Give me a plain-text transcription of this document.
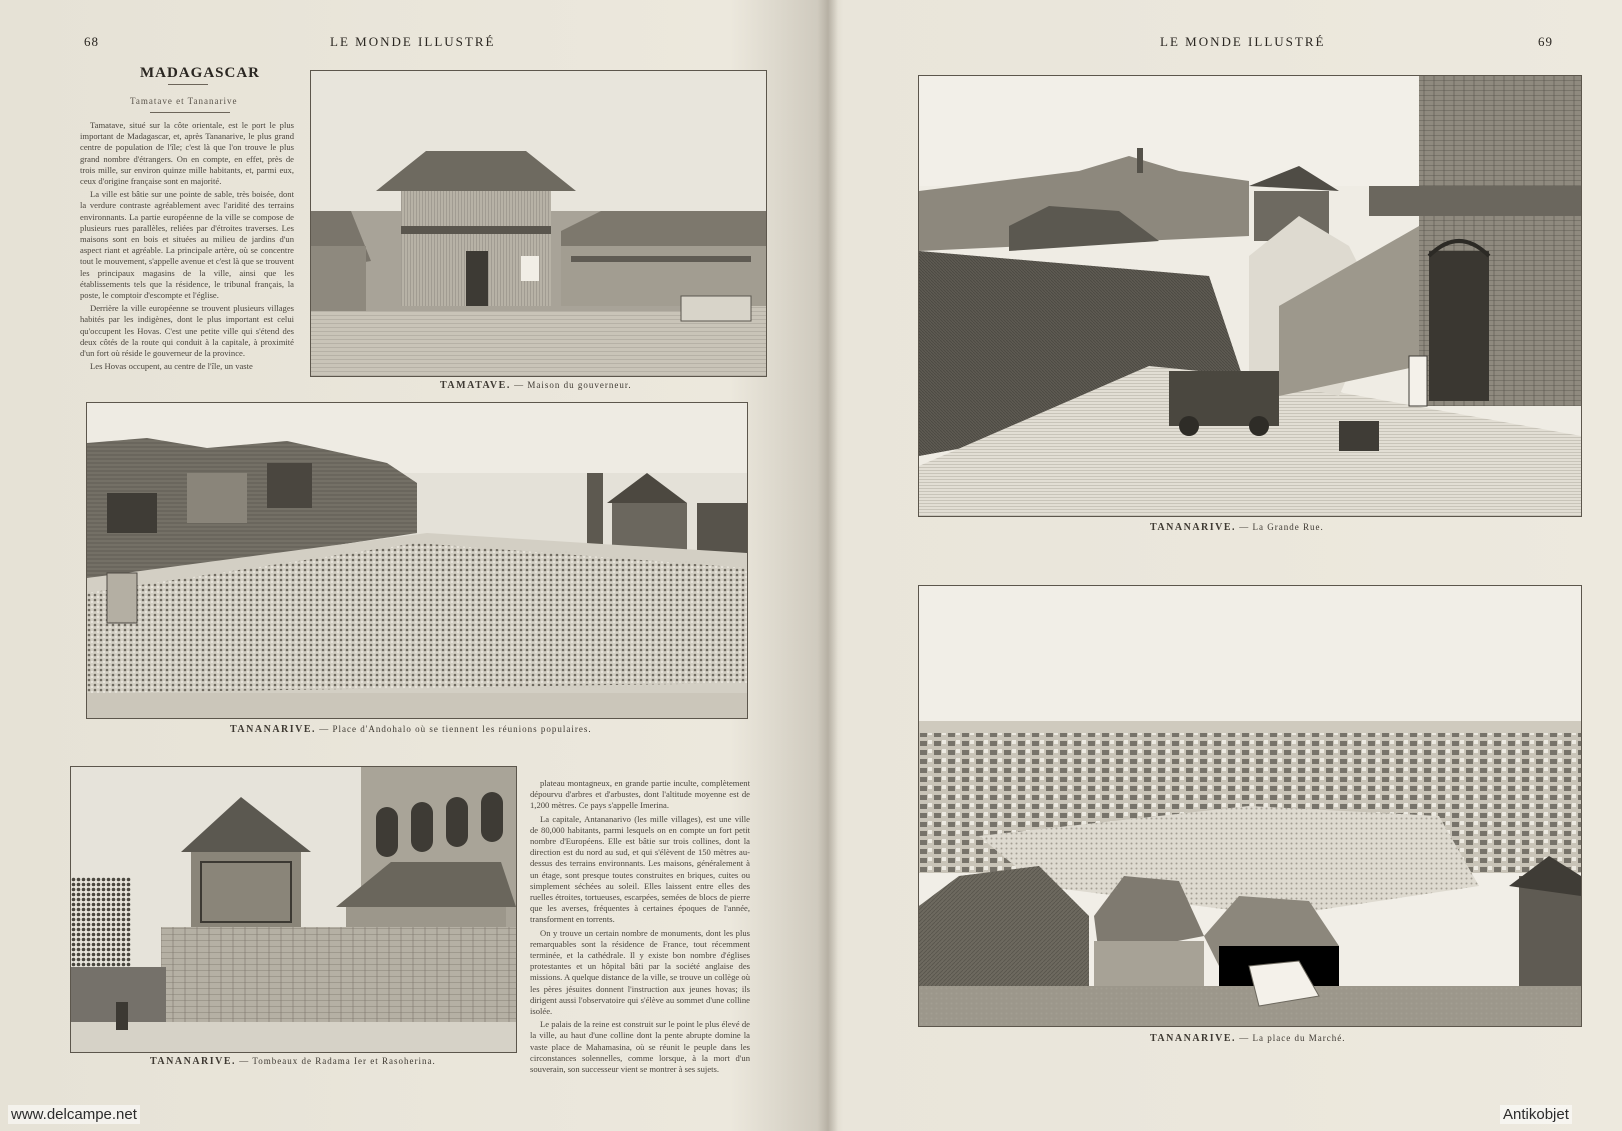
68	LE MONDE ILLUSTRÉ
MADAGASCAR
Tamatave et Tananarive

Tamatave, situé sur la côte orientale, est le port le plus important de Madagascar, et, après Tananarive, le plus grand centre de population de l'île; c'est là que l'on trouve le plus grand nombre d'étrangers. On en compte, en effet, près de trois mille, sur environ quinze mille habitants, et, parmi eux, ceux d'origine française sont en majorité.

La ville est bâtie sur une pointe de sable, très boisée, dont la verdure contraste agréablement avec l'aridité des terrains environnants. La partie européenne de la ville se compose de plusieurs rues parallèles, reliées par d'étroites traverses. Les maisons sont en bois et situées au milieu de jardins d'un aspect riant et agréable. La principale artère, où se concentre tout le mouvement, s'appelle avenue et c'est là que se trouvent les principaux magasins de la ville, ainsi que les établissements tels que la résidence, le tribunal français, la poste, le comptoir d'escompte et l'église.

Derrière la ville européenne se trouvent plusieurs villages habités par les indigènes, dont le plus important est celui qu'occupent les Hovas. C'est une petite ville qui s'étend des deux côtés de la route qui conduit à la capitale, à proximité d'un fort où réside le gouverneur de la province.

Les Hovas occupent, au centre de l'île, un vaste

TAMATAVE. — Maison du gouverneur.
TANANARIVE. — Place d'Andohalo où se tiennent les réunions populaires.
TANANARIVE. — Tombeaux de Radama Ier et Rasoherina.

plateau montagneux, en grande partie inculte, complètement dépourvu d'arbres et d'arbustes, dont l'altitude moyenne est de 1,200 mètres. Ce pays s'appelle Imerina.

La capitale, Antananarivo (les mille villages), est une ville de 80,000 habitants, parmi lesquels on en compte un fort petit nombre d'Européens. Elle est bâtie sur trois collines, dont la direction est du nord au sud, et qui s'élèvent de 150 mètres au-dessus des terrains environnants. Les maisons, généralement à un étage, sont presque toutes construites en briques, cuites ou simplement séchées au soleil. Elles laissent entre elles des ruelles étroites, tortueuses, escarpées, semées de blocs de pierre que les averses, fréquentes à certaines époques de l'année, transforment en torrents.

On y trouve un certain nombre de monuments, dont les plus remarquables sont la résidence de France, tout récemment terminée, et la cathédrale. Il y existe bon nombre d'églises protestantes et un hôpital bâti par la société anglaise des missions. A quelque distance de la ville, se trouve un collège où les pères jésuites donnent l'instruction aux jeunes hovas; ils dirigent aussi l'observatoire qui s'élève au sommet d'une colline isolée.

Le palais de la reine est construit sur le point le plus élevé de la ville, au haut d'une colline dont la pente abrupte domine la vaste place de Mahamasina, où se réunit le peuple dans les circonstances solennelles, comme lorsque, à la mort d'un souverain, son successeur vient se montrer à ses sujets.

LE MONDE ILLUSTRÉ	69
TANANARIVE. — La Grande Rue.
TANANARIVE. — La place du Marché.
www.delcampe.net	Antikobjet
